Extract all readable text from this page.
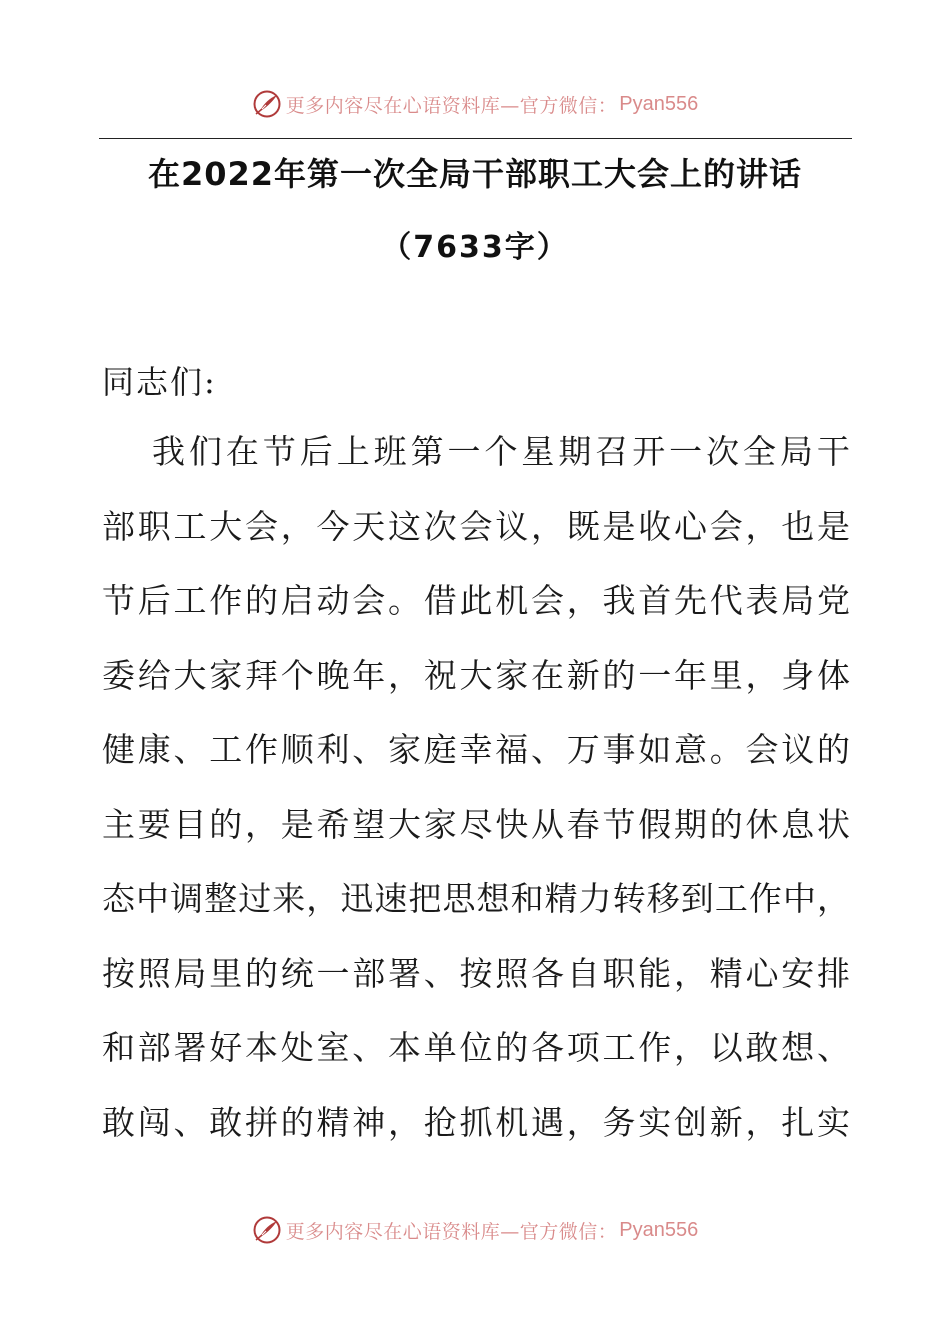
更多内容尽在心语资料库—官方微信： Pyan556
在2022年第一次全局干部职工大会上的讲话
（7633字）
同志们:
我 们 在 节 后 上 班 第 一 个 星 期 召 开 一 次 全 局 干
部 职 工 大 会 ， 今 天 这 次 会 议 ， 既 是 收 心 会 ， 也 是
节 后 工 作 的 启 动 会 。 借 此 机 会 ， 我 首 先 代 表 局 党
委 给 大 家 拜 个 晚 年 ， 祝 大 家 在 新 的 一 年 里 ， 身 体
健 康 、 工 作 顺 利 、 家 庭 幸 福 、 万 事 如 意 。 会 议 的
主 要 目 的 ， 是 希 望 大 家 尽 快 从 春 节 假 期 的 休 息 状
态 中 调 整 过 来 ， 迅 速 把 思 想 和 精 力 转 移 到 工 作 中 ，
按 照 局 里 的 统 一 部 署 、 按 照 各 自 职 能 ， 精 心 安 排
和 部 署 好 本 处 室 、 本 单 位 的 各 项 工 作 ， 以 敢 想 、
敢 闯 、 敢 拼 的 精 神 ， 抢 抓 机 遇 ， 务 实 创 新 ， 扎 实
更多内容尽在心语资料库—官方微信： Pyan556
